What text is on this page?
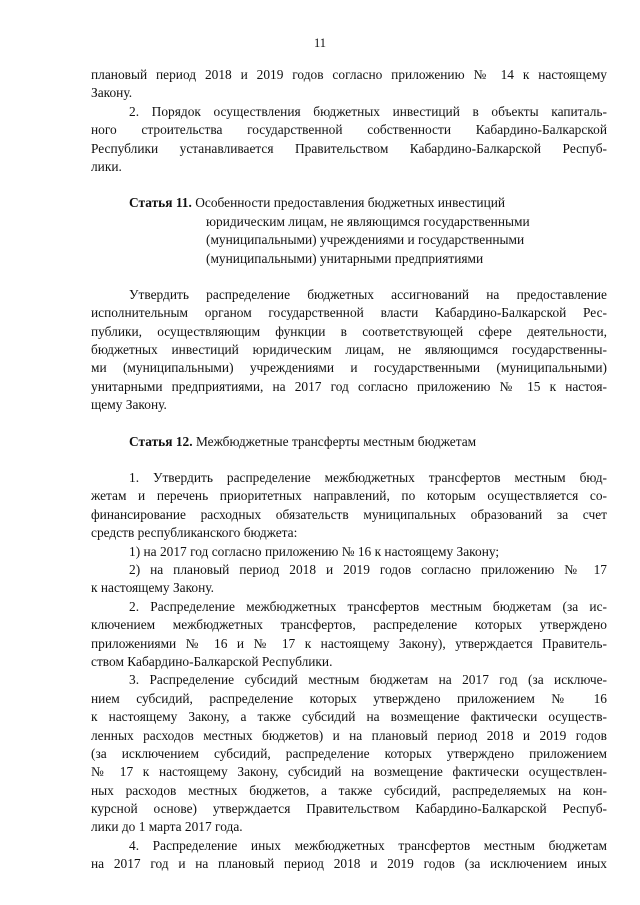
11
плановый период 2018 и 2019 годов согласно приложению № 14 к настоящему
Закону.
2. Порядок осуществления бюджетных инвестиций в объекты капиталь-
ного строительства государственной собственности Кабардино-Балкарской
Республики устанавливается Правительством Кабардино-Балкарской Респуб-
лики.
Статья 11. Особенности предоставления бюджетных инвестиций
юридическим лицам, не являющимся государственными
(муниципальными) учреждениями и государственными
(муниципальными) унитарными предприятиями
Утвердить распределение бюджетных ассигнований на предоставление
исполнительным органом государственной власти Кабардино-Балкарской Рес-
публики, осуществляющим функции в соответствующей сфере деятельности,
бюджетных инвестиций юридическим лицам, не являющимся государственны-
ми (муниципальными) учреждениями и государственными (муниципальными)
унитарными предприятиями, на 2017 год согласно приложению № 15 к настоя-
щему Закону.
Статья 12. Межбюджетные трансферты местным бюджетам
1. Утвердить распределение межбюджетных трансфертов местным бюд-
жетам и перечень приоритетных направлений, по которым осуществляется со-
финансирование расходных обязательств муниципальных образований за счет
средств республиканского бюджета:
1) на 2017 год согласно приложению № 16 к настоящему Закону;
2) на плановый период 2018 и 2019 годов согласно приложению № 17
к настоящему Закону.
2. Распределение межбюджетных трансфертов местным бюджетам (за ис-
ключением межбюджетных трансфертов, распределение которых утверждено
приложениями № 16 и № 17 к настоящему Закону), утверждается Правитель-
ством Кабардино-Балкарской Республики.
3. Распределение субсидий местным бюджетам на 2017 год (за исключе-
нием субсидий, распределение которых утверждено приложением № 16
к настоящему Закону, а также субсидий на возмещение фактически осуществ-
ленных расходов местных бюджетов) и на плановый период 2018 и 2019 годов
(за исключением субсидий, распределение которых утверждено приложением
№ 17 к настоящему Закону, субсидий на возмещение фактически осуществлен-
ных расходов местных бюджетов, а также субсидий, распределяемых на кон-
курсной основе) утверждается Правительством Кабардино-Балкарской Респуб-
лики до 1 марта 2017 года.
4. Распределение иных межбюджетных трансфертов местным бюджетам
на 2017 год и на плановый период 2018 и 2019 годов (за исключением иных
